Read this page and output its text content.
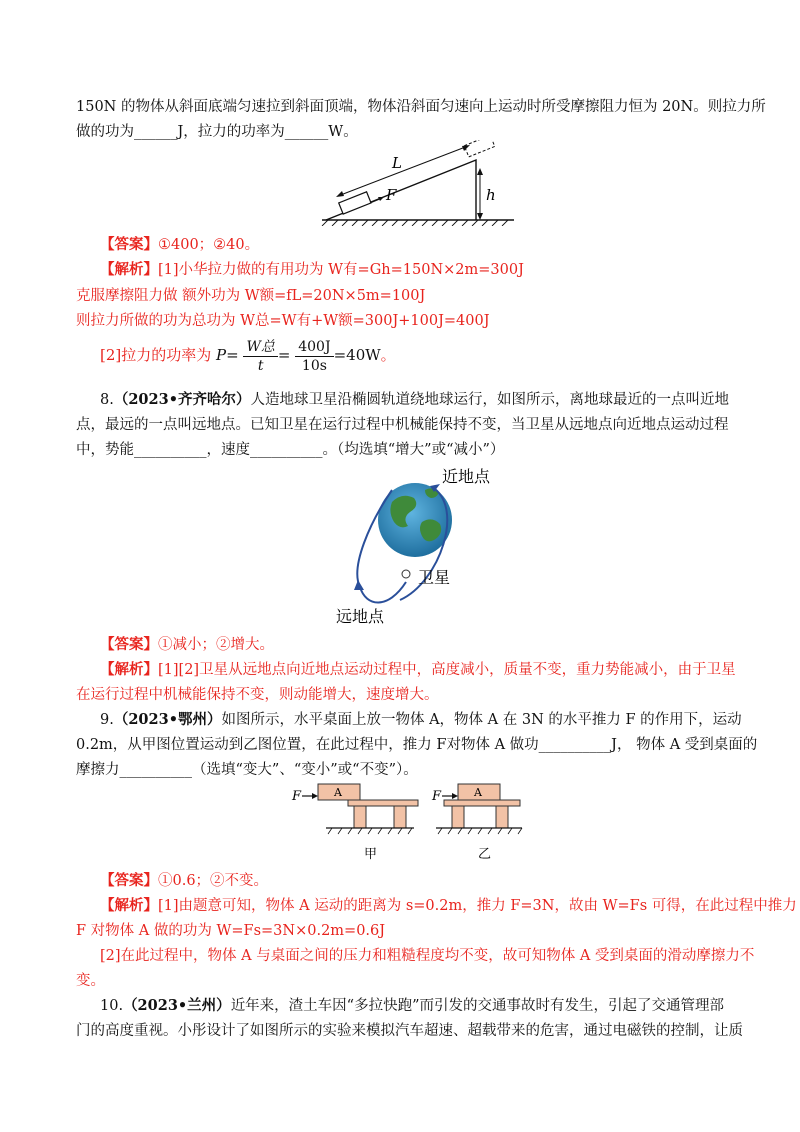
150N 的物体从斜面底端匀速拉到斜面顶端，物体沿斜面匀速向上运动时所受摩擦阻力恒为 20N。则拉力所
做的功为______J，拉力的功率为______W。
L
F	h
【答案】①400；②40。
【解析】[1]小华拉力做的有用功为 W有=Gh=150N×2m=300J
克服摩擦阻力做 额外功为 W额=fL=20N×5m=100J
则拉力所做的功为总功为 W总=W有+W额=300J+100J=400J
[2]拉力的功率为 $P= \frac{\text{W总}}{t} = \frac{400J}{10s} =40W$。
8.（2023•齐齐哈尔）人造地球卫星沿椭圆轨道绕地球运行，如图所示，离地球最近的一点叫近地
点，最远的一点叫远地点。已知卫星在运行过程中机械能保持不变，当卫星从远地点向近地点运动过程
中，势能__________，速度__________。（均选填“增大”或“减小”）
近地点
卫星
远地点
【答案】①减小；②增大。
【解析】[1][2]卫星从远地点向近地点运动过程中，高度减小，质量不变，重力势能减小，由于卫星
在运行过程中机械能保持不变，则动能增大，速度增大。
9.（2023•鄂州）如图所示，水平桌面上放一物体 A，物体 A 在 3N 的水平推力 F 的作用下，运动
0.2m，从甲图位置运动到乙图位置，在此过程中，推力 F对物体 A 做功__________J， 物体 A 受到桌面的
摩擦力__________（选填“变大”、“变小”或“不变”）。
F	A
甲
F	A
乙
【答案】①0.6；②不变。
【解析】[1]由题意可知，物体 A 运动的距离为 s=0.2m，推力 F=3N，故由 W=Fs 可得，在此过程中推力
F 对物体 A 做的功为 W=Fs=3N×0.2m=0.6J
[2]在此过程中，物体 A 与桌面之间的压力和粗糙程度均不变，故可知物体 A 受到桌面的滑动摩擦力不
变。
10.（2023•兰州）近年来，渣土车因“多拉快跑”而引发的交通事故时有发生，引起了交通管理部
门的高度重视。小彤设计了如图所示的实验来模拟汽车超速、超载带来的危害，通过电磁铁的控制，让质
